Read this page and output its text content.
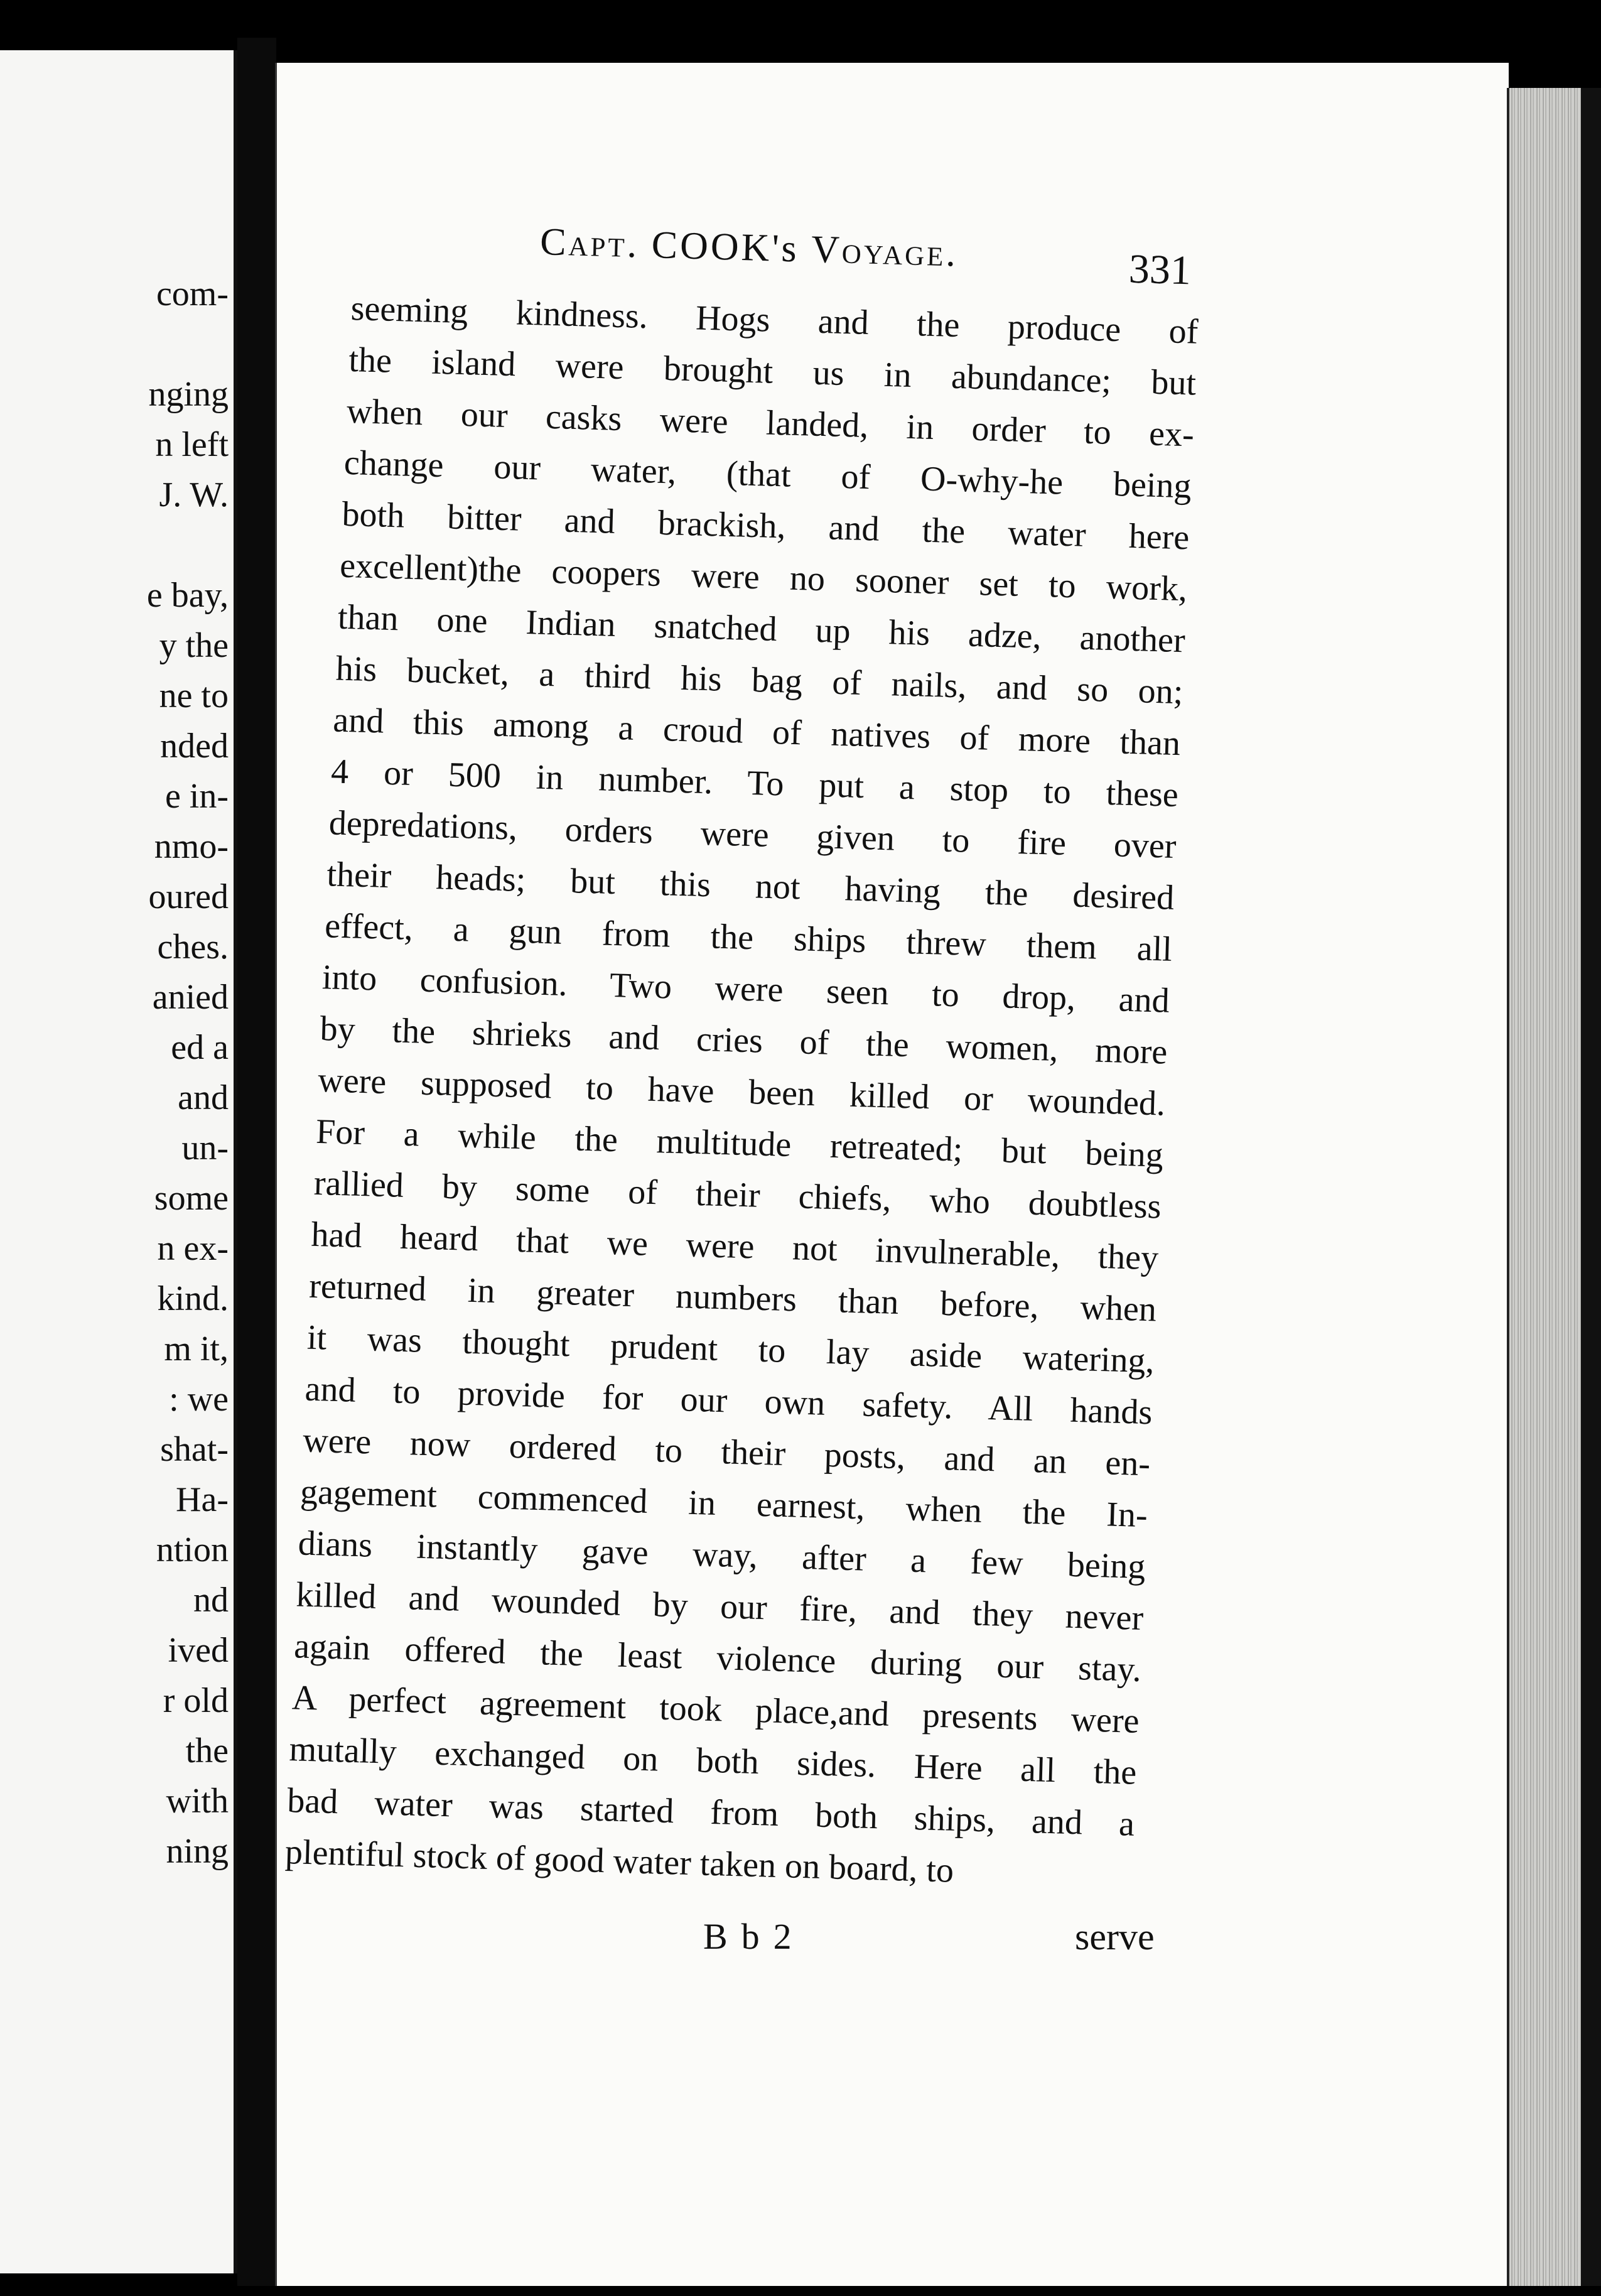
com-
nging
n left
J. W.
e bay,
y the
ne to
nded
e in-
nmo-
oured
ches.
anied
ed a
and
un-
some
n ex-
kind.
m it,
: we
shat-
Ha-
ntion
nd
ived
r old
the
with
ning
Capt. COOK's Voyage.	331
seeming kindness. Hogs and the produce of
the island were brought us in abundance; but
when our casks were landed, in order to ex-
change our water, (that of O-why-he being
both bitter and brackish, and the water here
excellent)the coopers were no sooner set to work,
than one Indian snatched up his adze, another
his bucket, a third his bag of nails, and so on;
and this among a croud of natives of more than
4 or 500 in number. To put a stop to these
depredations, orders were given to fire over
their heads; but this not having the desired
effect, a gun from the ships threw them all
into confusion. Two were seen to drop, and
by the shrieks and cries of the women, more
were supposed to have been killed or wounded.
For a while the multitude retreated; but being
rallied by some of their chiefs, who doubtless
had heard that we were not invulnerable, they
returned in greater numbers than before, when
it was thought prudent to lay aside watering,
and to provide for our own safety. All hands
were now ordered to their posts, and an en-
gagement commenced in earnest, when the In-
dians instantly gave way, after a few being
killed and wounded by our fire, and they never
again offered the least violence during our stay.
A perfect agreement took place,and presents were
mutally exchanged on both sides. Here all the
bad water was started from both ships, and a
plentiful stock of good water taken on board, to
Bb2	serve
